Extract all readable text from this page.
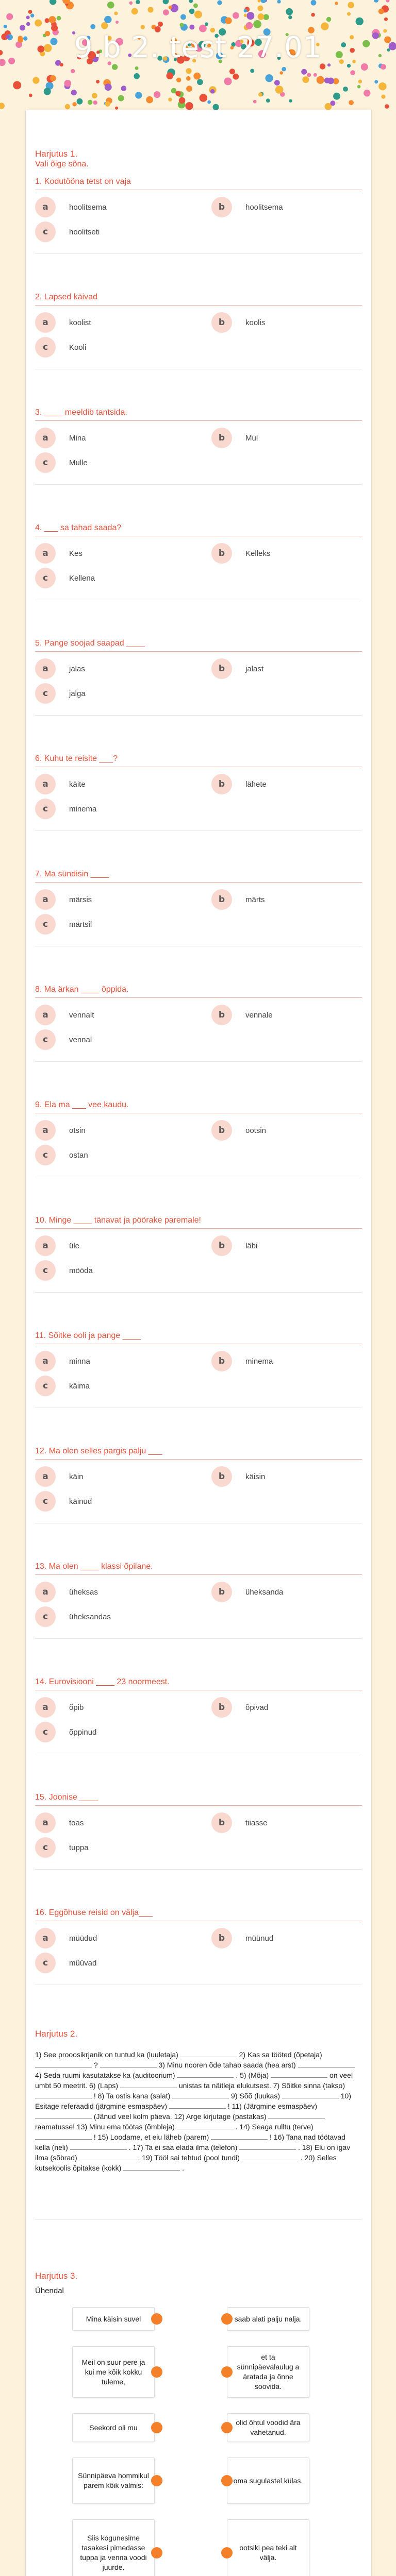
9.b 2. test 27.01
Harjutus 1.
Vali õige sõna.
1. Kodutööna tetst on vaja
a	hoolitsema	b	hoolitsema
c	hoolitseti
2. Lapsed käivad
a	koolist	b	koolis
c	Kooli
3. ____ meeldib tantsida.
a	Mina	b	Mul
c	Mulle
4. ___ sa tahad saada?
a	Kes	b	Kelleks
c	Kellena
5. Pange soojad saapad ____
a	jalas	b	jalast
c	jalga
6. Kuhu te reisite ___?
a	käite	b	lähete
c	minema
7. Ma sündisin ____
a	märsis	b	märts
c	märtsil
8. Ma ärkan ____ õppida.
a	vennalt	b	vennale
c	vennal
9. Ela ma ___ vee kaudu.
a	otsin	b	ootsin
c	ostan
10. Minge ____ tänavat ja pöörake paremale!
a	üle	b	läbi
c	mööda
11. Sõitke ooli ja pange ____
a	minna	b	minema
c	käima
12. Ma olen selles pargis palju ___
a	käin	b	käisin
c	käinud
13. Ma olen ____ klassi õpilane.
a	üheksas	b	üheksanda
c	üheksandas
14. Eurovisiooni ____ 23 noormeest.
a	õpib	b	õpivad
c	õppinud
15. Joonise ____
a	toas	b	tiiasse
c	tuppa
16. Eggõhuse reisid on välja___
a	müüdud	b	müünud
c	müüvad
Harjutus 2.
1) See prooosikrjanik on tuntud ka (luuletaja)	2) Kas sa tööted (õpetaja)  ?	3) Minu nooren õde tahab saada (hea arst)  4) Seda ruumi kasutatakse ka (auditoorium)	. 5) (Mõja)	on veel umbt 50 meetrit. 6) (Laps)	unistas ta näitleja elukutsest. 7) Sõitke sinna (takso)  ! 8) Ta ostis kana (salat)	9) Sõõ (luukas)	10) Esitage referaadid (järgmine esmaspäev)	! 11) (Järgmine esmaspäev)  (Jänud veel kolm päeva. 12) Arge kirjutage (pastakas)  raamatusse! 13) Minu ema töötas (õmbleja)	. 14) Seaga rulltu (terve)  ! 15) Loodame, et eiu läheb (parem)	! 16) Tana nad töötavad kella (neli)	. 17) Ta ei saa elada ilma (telefon)	. 18) Elu on igav ilma (sõbrad)	. 19) Tööl sai tehtud (pool tundi)	. 20) Selles kutsekoolis õpitakse (kokk)	.
Harjutus 3.
Ühendal
Mina käisin suvel	saab alati palju nalja.
Meil on suur pere ja kui me kõik kokku tuleme,
et ta sünnipäevalaulug a äratada ja õnne soovida.
Seekord oli mu
olid õhtul voodid ära vahetanud.
Sünnipäeva hommikul parem kõik valmis:
oma sugulastel külas.
Siis kogunesime tasakesi pimedasse tuppa ja venna voodi juurde.
ootsiki pea teki alt välja.
